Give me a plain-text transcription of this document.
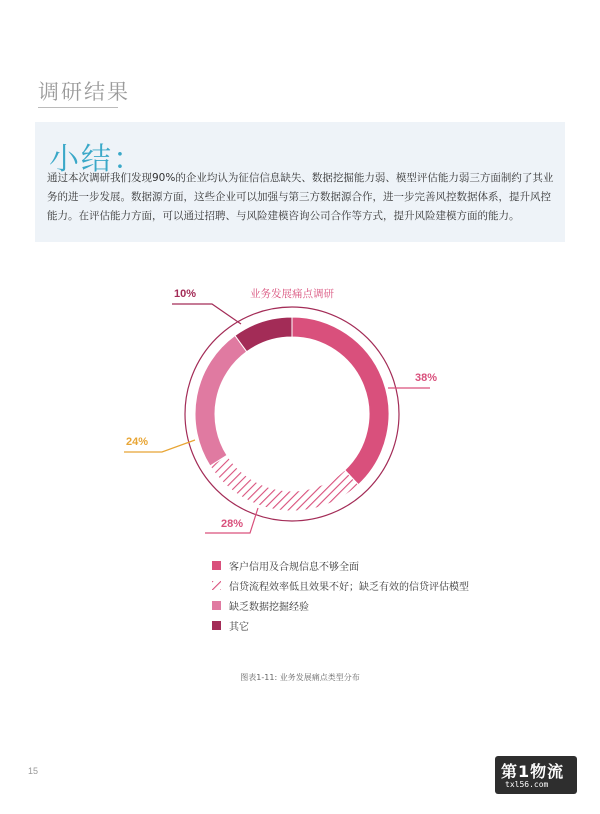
调研结果
小结：
通过本次调研我们发现90%的企业均认为征信信息缺失、数据挖掘能力弱、模型评估能力弱三方面制约了其业务的进一步发展。数据源方面，这些企业可以加强与第三方数据源合作，进一步完善风控数据体系，提升风控能力。在评估能力方面，可以通过招聘、与风险建模咨询公司合作等方式，提升风险建模方面的能力。
业务发展痛点调研
38%
28%
24%
10%
客户信用及合规信息不够全面
信贷流程效率低且效果不好；缺乏有效的信贷评估模型
缺乏数据挖掘经验
其它
图表1-11: 业务发展痛点类型分布
15	第1物流
txl56.com
